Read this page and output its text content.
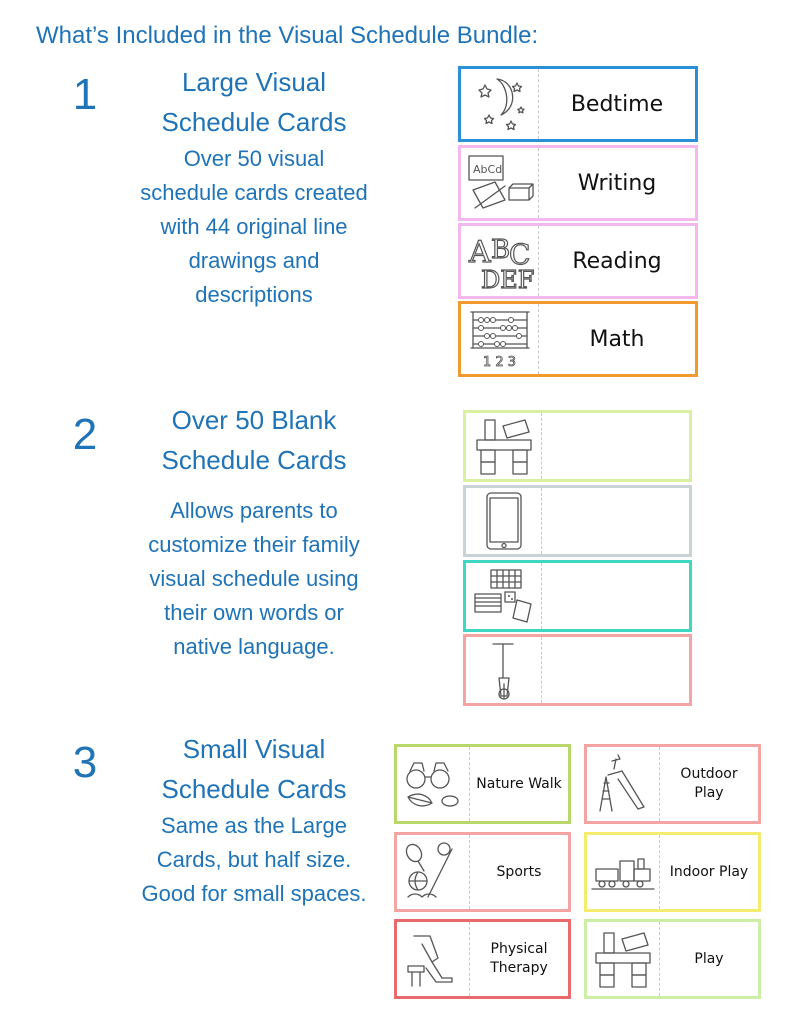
What’s Included in the Visual Schedule Bundle:
1	Large Visual Schedule Cards
Over 50 visual schedule cards created with 44 original line drawings and descriptions
Bedtime
AbCd
Writing
A B
C
DEF
Reading
1 2 3
Math
2	Over 50 Blank Schedule Cards
Allows parents to customize their family visual schedule using their own words or native language.
3	Small Visual Schedule Cards
Same as the Large Cards, but half size. Good for small spaces.
Nature Walk
Outdoor Play
Sports	Indoor Play
Physical Therapy
Play
